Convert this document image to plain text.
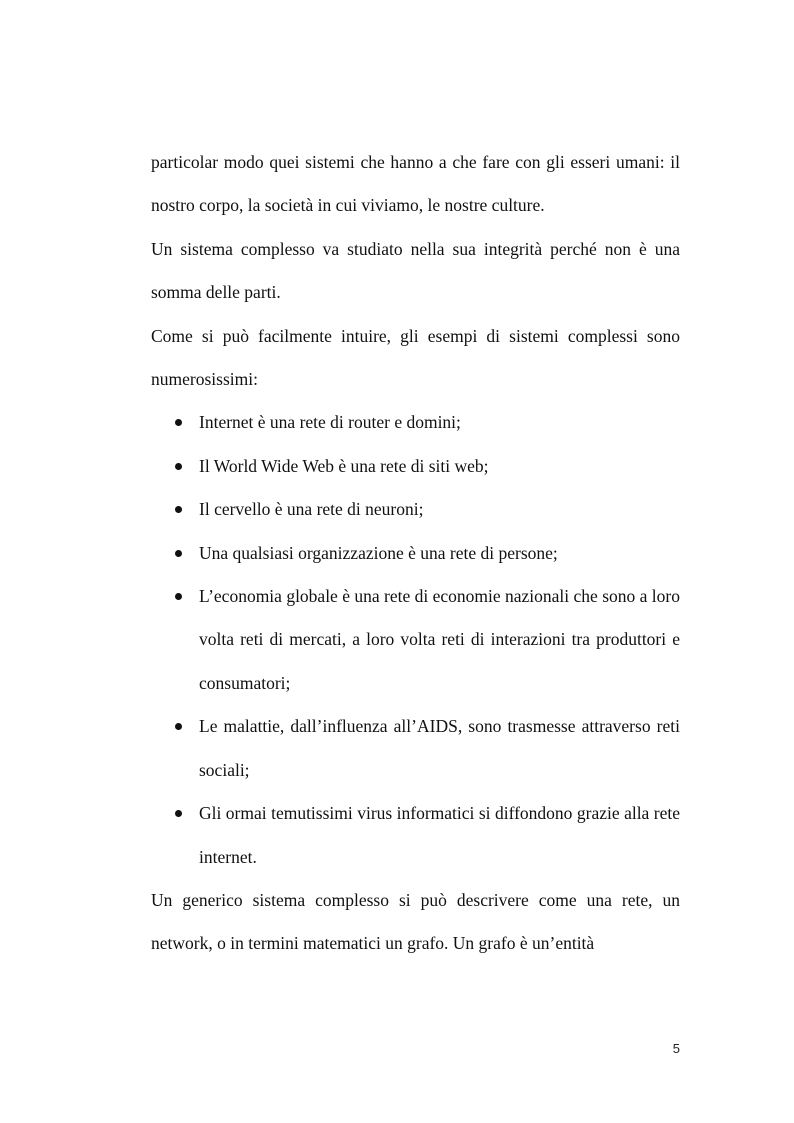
particolar modo quei sistemi che hanno a che fare con gli esseri umani: il nostro corpo, la società in cui viviamo, le nostre culture.

Un sistema complesso va studiato nella sua integrità perché non è una somma delle parti.

Come si può facilmente intuire, gli esempi di sistemi complessi sono numerosissimi:

Internet è una rete di router e domini;
Il World Wide Web è una rete di siti web;
Il cervello è una rete di neuroni;
Una qualsiasi organizzazione è una rete di persone;
L’economia globale è una rete di economie nazionali che sono a loro volta reti di mercati, a loro volta reti di interazioni tra produttori e consumatori;
Le malattie, dall’influenza all’AIDS, sono trasmesse attraverso reti sociali;
Gli ormai temutissimi virus informatici si diffondono grazie alla rete internet.

Un generico sistema complesso si può descrivere come una rete, un network, o in termini matematici un grafo. Un grafo è un’entità

5
